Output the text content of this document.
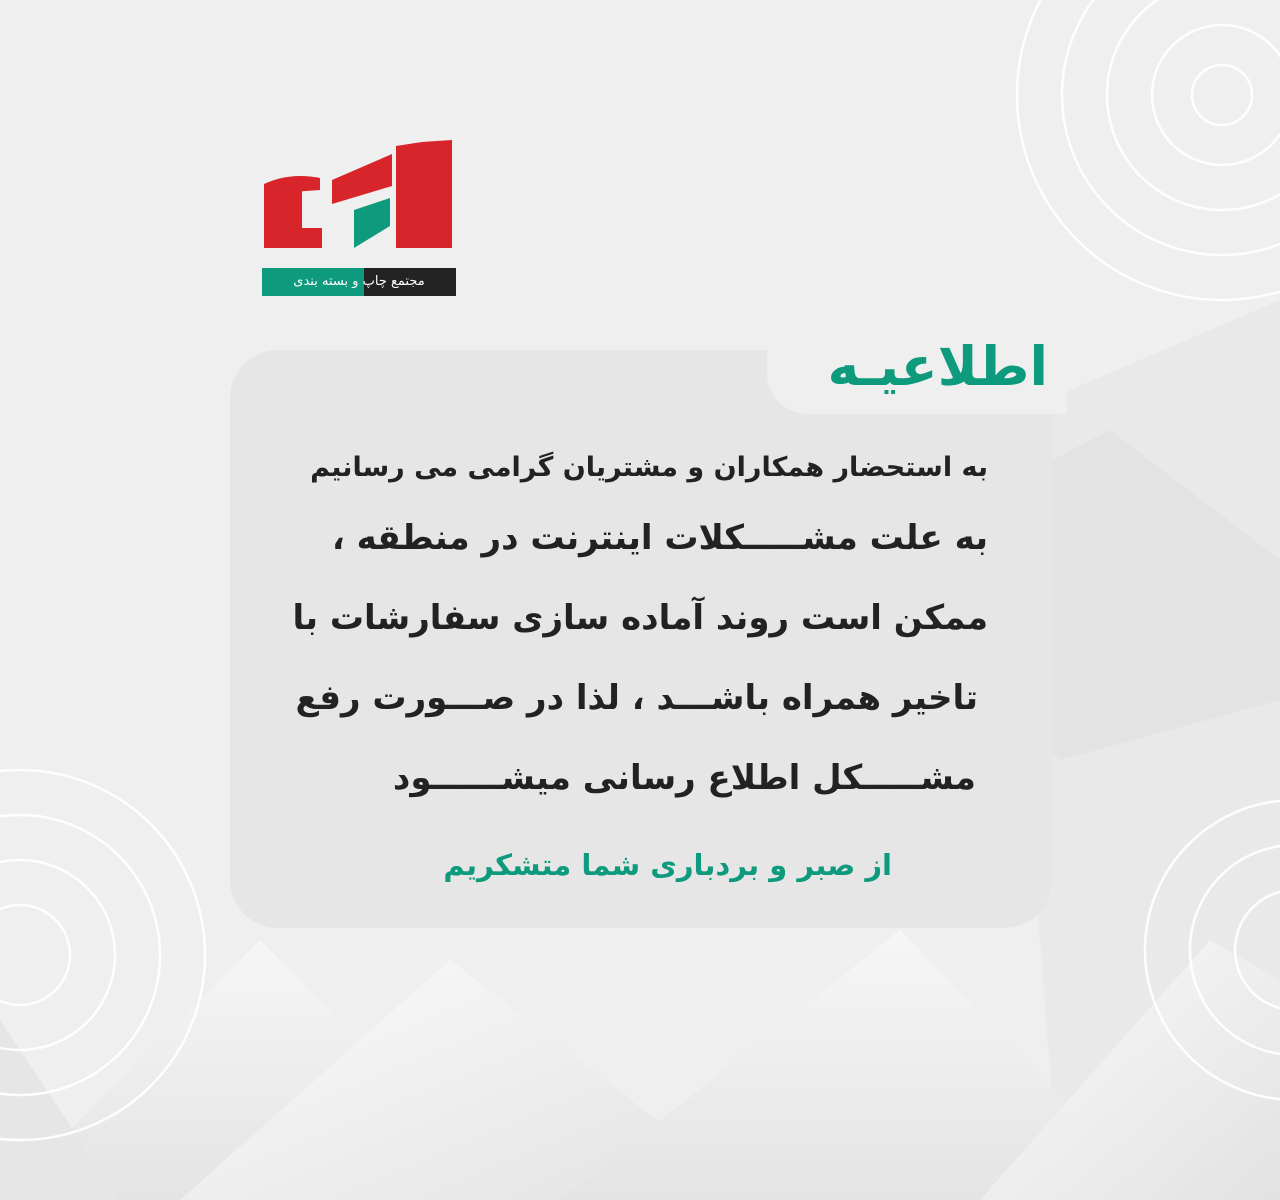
مجتمع چاپ و بسته بندی
اطلاعیـه
به استحضار همکاران و مشتریان گرامی می رسانیم
به علت مشـــــکلات اینترنت در منطقه ،
ممکن است روند آماده سازی سفارشات با
تاخیر همراه باشـــد ، لذا در صـــورت رفع
مشـــــکل اطلاع رسانی میشــــــود
از صبر و بردباری شما متشکریم
